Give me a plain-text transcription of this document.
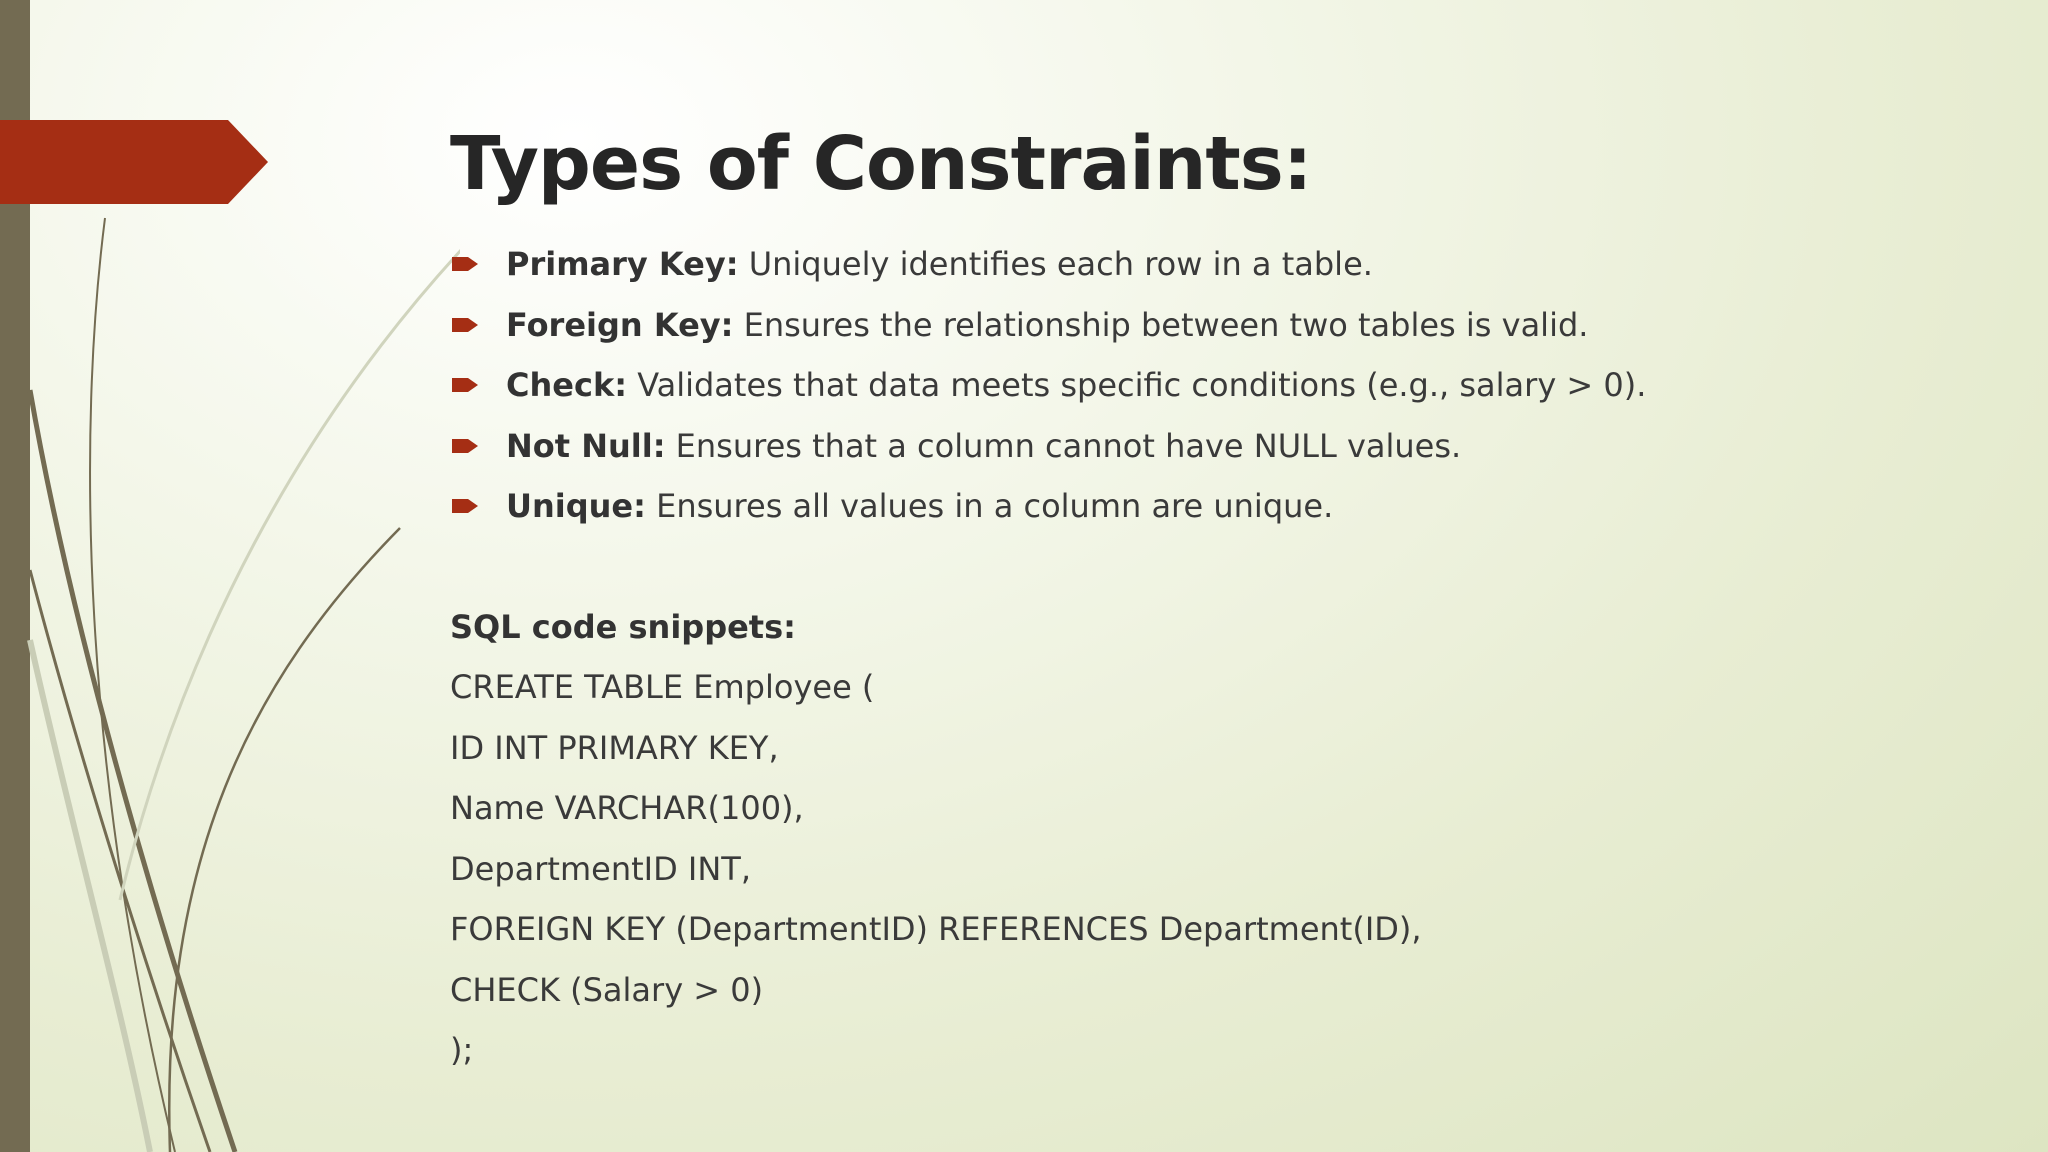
Types of Constraints:
Primary Key: Uniquely identifies each row in a table.
Foreign Key: Ensures the relationship between two tables is valid.
Check: Validates that data meets specific conditions (e.g., salary > 0).
Not Null: Ensures that a column cannot have NULL values.
Unique: Ensures all values in a column are unique.
SQL code snippets:
CREATE TABLE Employee (
ID INT PRIMARY KEY,
Name VARCHAR(100),
DepartmentID INT,
FOREIGN KEY (DepartmentID) REFERENCES Department(ID),
CHECK (Salary > 0)
);
